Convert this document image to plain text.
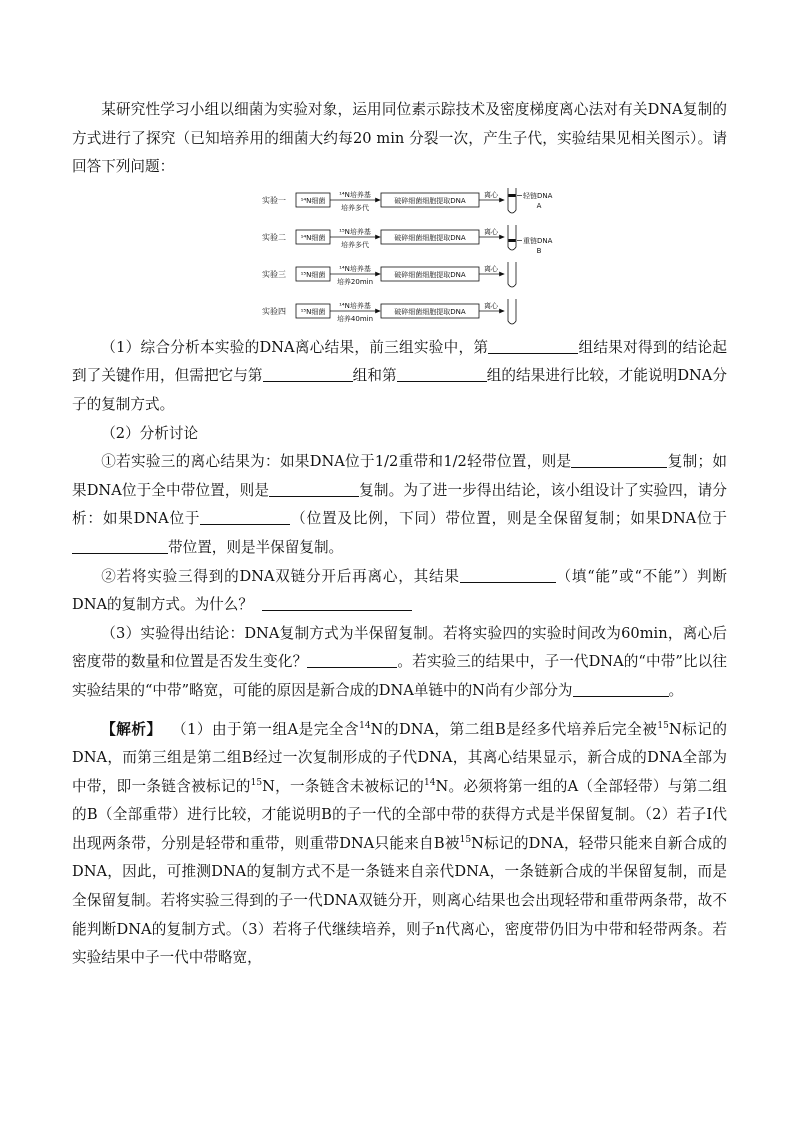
某研究性学习小组以细菌为实验对象，运用同位素示踪技术及密度梯度离心法对有关DNA复制的方式进行了探究（已知培养用的细菌大约每20 min 分裂一次，产生子代，实验结果见相关图示）。请回答下列问题：

实验一 ¹⁴N细菌
¹⁴N培养基
培养多代
破碎细菌细胞提取DNA
离心	轻链DNA
A
实验二 ¹⁴N细菌
¹⁵N培养基
培养多代
破碎细菌细胞提取DNA
离心
重链DNA
B
实验三 ¹⁵N细菌
¹⁴N培养基
培养20min
破碎细菌细胞提取DNA
离心
实验四 ¹⁵N细菌
¹⁴N培养基
培养40min
破碎细菌细胞提取DNA
离心

（1）综合分析本实验的DNA离心结果，前三组实验中，第	组结果对得到的结论起到了关键作用，但需把它与第	组和第	组的结果进行比较，才能说明DNA分子的复制方式。

（2）分析讨论

①若实验三的离心结果为：如果DNA位于1/2重带和1/2轻带位置，则是	复制；如果DNA位于全中带位置，则是	复制。为了进一步得出结论，该小组设计了实验四，请分析：如果DNA位于	（位置及比例，下同）带位置，则是全保留复制；如果DNA位于带位置，则是半保留复制。

②若将实验三得到的DNA双链分开后再离心，其结果	（填“能”或“不能”）判断DNA的复制方式。为什么？

（3）实验得出结论：DNA复制方式为半保留复制。若将实验四的实验时间改为60min，离心后密度带的数量和位置是否发生变化？	。若实验三的结果中，子一代DNA的“中带”比以往实验结果的“中带”略宽，可能的原因是新合成的DNA单链中的N尚有少部分为	。

【解析】 （1）由于第一组A是完全含$^{14}$N的DNA，第二组B是经多代培养后完全被$^{15}$N标记的DNA，而第三组是第二组B经过一次复制形成的子代DNA，其离心结果显示，新合成的DNA全部为中带，即一条链含被标记的$^{15}$N，一条链含未被标记的$^{14}$N。必须将第一组的A（全部轻带）与第二组的B（全部重带）进行比较，才能说明B的子一代的全部中带的获得方式是半保留复制。（2）若子Ⅰ代出现两条带，分别是轻带和重带，则重带DNA只能来自B被$^{15}$N标记的DNA，轻带只能来自新合成的DNA，因此，可推测DNA的复制方式不是一条链来自亲代DNA，一条链新合成的半保留复制，而是全保留复制。若将实验三得到的子一代DNA双链分开，则离心结果也会出现轻带和重带两条带，故不能判断DNA的复制方式。（3）若将子代继续培养，则子n代离心，密度带仍旧为中带和轻带两条。若实验结果中子一代中带略宽，
